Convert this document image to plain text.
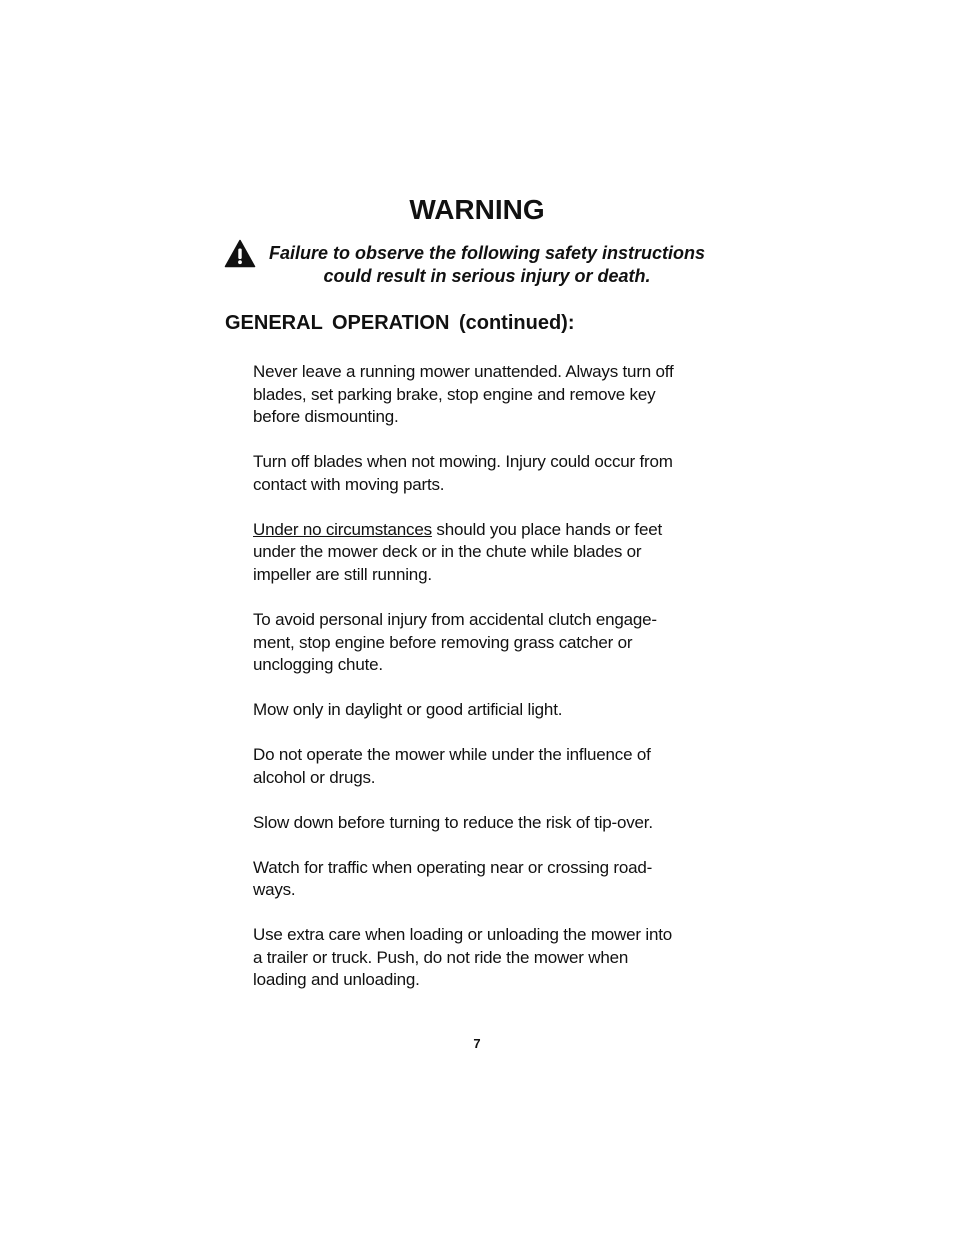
WARNING
Failure to observe the following safety instructions
could result in serious injury or death.
GENERAL OPERATION (continued):

Never leave a running mower unattended. Always turn off
blades, set parking brake, stop engine and remove key
before dismounting.

Turn off blades when not mowing. Injury could occur from
contact with moving parts.

Under no circumstances should you place hands or feet
under the mower deck or in the chute while blades or
impeller are still running.

To avoid personal injury from accidental clutch engage-
ment, stop engine before removing grass catcher or
unclogging chute.

Mow only in daylight or good artificial light.

Do not operate the mower while under the influence of
alcohol or drugs.

Slow down before turning to reduce the risk of tip-over.

Watch for traffic when operating near or crossing road-
ways.

Use extra care when loading or unloading the mower into
a trailer or truck. Push, do not ride the mower when
loading and unloading.

7
